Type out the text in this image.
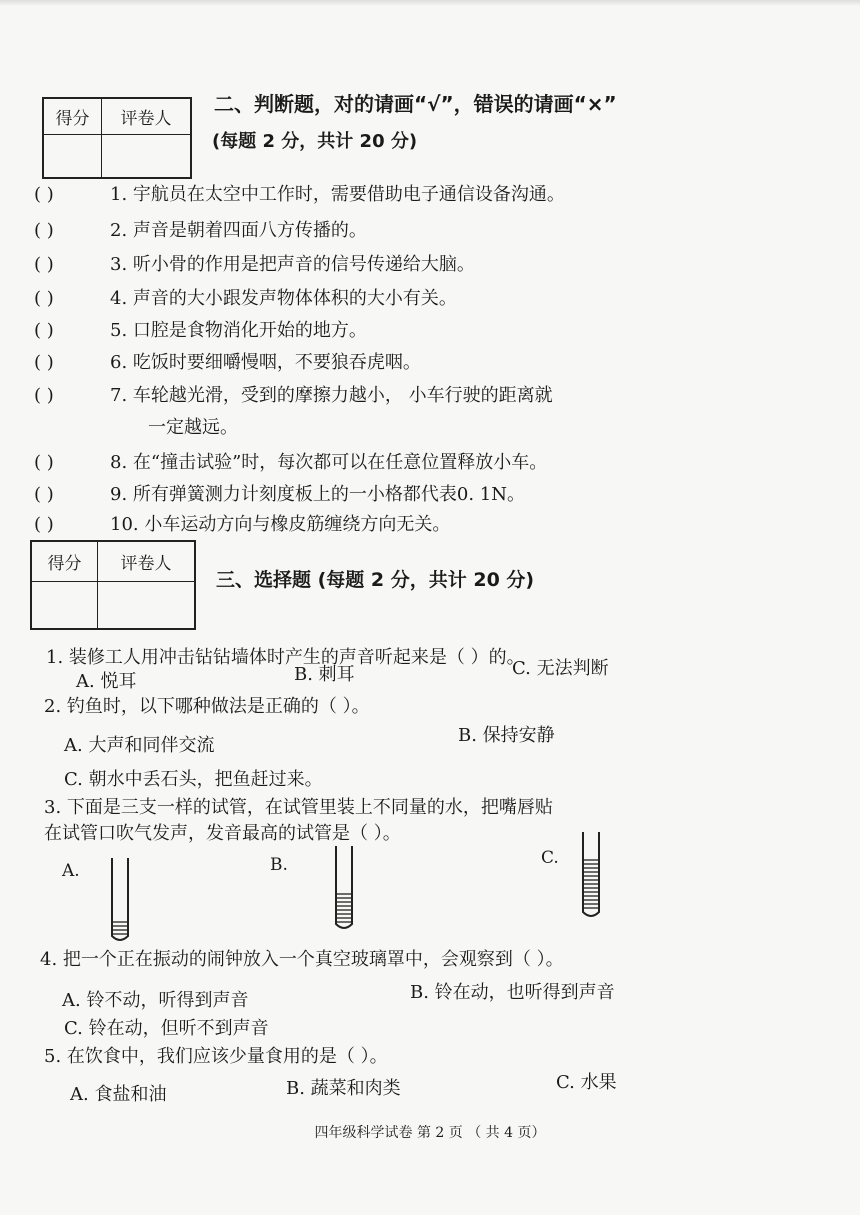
得分	评卷人
二、判断题，对的请画“√”，错误的请画“×”
(每题 2 分，共计 20 分)
( )	1. 宇航员在太空中工作时，需要借助电子通信设备沟通。
( )	2. 声音是朝着四面八方传播的。
( )	3. 听小骨的作用是把声音的信号传递给大脑。
( )	4. 声音的大小跟发声物体体积的大小有关。
( )	5. 口腔是食物消化开始的地方。
( )	6. 吃饭时要细嚼慢咽，不要狼吞虎咽。
( )	7. 车轮越光滑，受到的摩擦力越小， 小车行驶的距离就
一定越远。
( )	8. 在“撞击试验”时，每次都可以在任意位置释放小车。
( )	9. 所有弹簧测力计刻度板上的一小格都代表0. 1N。
( )	10. 小车运动方向与橡皮筋缠绕方向无关。
得分	评卷人
三、选择题 (每题 2 分，共计 20 分)
1. 装修工人用冲击钻钻墙体时产生的声音听起来是（ ）的。
A. 悦耳	B. 刺耳	C. 无法判断
2. 钓鱼时，以下哪种做法是正确的（ ）。
A. 大声和同伴交流	B. 保持安静
C. 朝水中丢石头，把鱼赶过来。
3. 下面是三支一样的试管，在试管里装上不同量的水，把嘴唇贴
在试管口吹气发声，发音最高的试管是（ ）。
A.	B.	C.
4. 把一个正在振动的闹钟放入一个真空玻璃罩中，会观察到（ ）。
A. 铃不动，听得到声音	B. 铃在动，也听得到声音
C. 铃在动，但听不到声音
5. 在饮食中，我们应该少量食用的是（ ）。
A. 食盐和油	B. 蔬菜和肉类	C. 水果
四年级科学试卷 第 2 页 （ 共 4 页）
